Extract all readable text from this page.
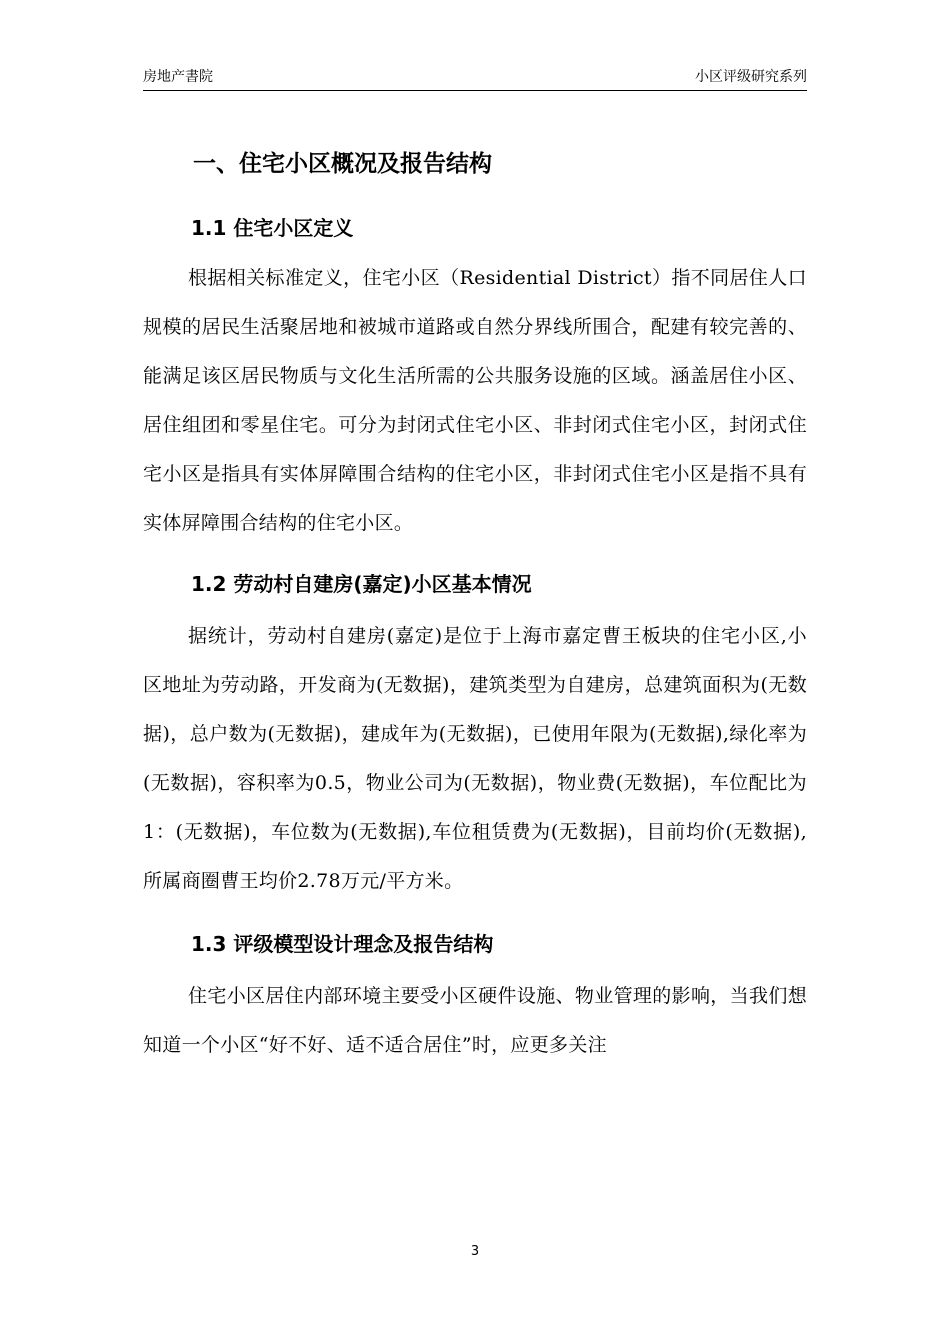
房地产書院	小区评级研究系列
一、住宅小区概况及报告结构
1.1 住宅小区定义

根据相关标准定义，住宅小区（Residential District）指不同居住人口规模的居民生活聚居地和被城市道路或自然分界线所围合，配建有较完善的、能满足该区居民物质与文化生活所需的公共服务设施的区域。涵盖居住小区、居住组团和零星住宅。可分为封闭式住宅小区、非封闭式住宅小区，封闭式住宅小区是指具有实体屏障围合结构的住宅小区，非封闭式住宅小区是指不具有实体屏障围合结构的住宅小区。

1.2 劳动村自建房(嘉定)小区基本情况

据统计，劳动村自建房(嘉定)是位于上海市嘉定曹王板块的住宅小区,小区地址为劳动路，开发商为(无数据)，建筑类型为自建房，总建筑面积为(无数据)，总户数为(无数据)，建成年为(无数据)，已使用年限为(无数据),绿化率为(无数据)，容积率为0.5，物业公司为(无数据)，物业费(无数据)，车位配比为1：(无数据)，车位数为(无数据),车位租赁费为(无数据)，目前均价(无数据),所属商圈曹王均价2.78万元/平方米。

1.3 评级模型设计理念及报告结构

住宅小区居住内部环境主要受小区硬件设施、物业管理的影响，当我们想知道一个小区“好不好、适不适合居住”时，应更多关注

3
